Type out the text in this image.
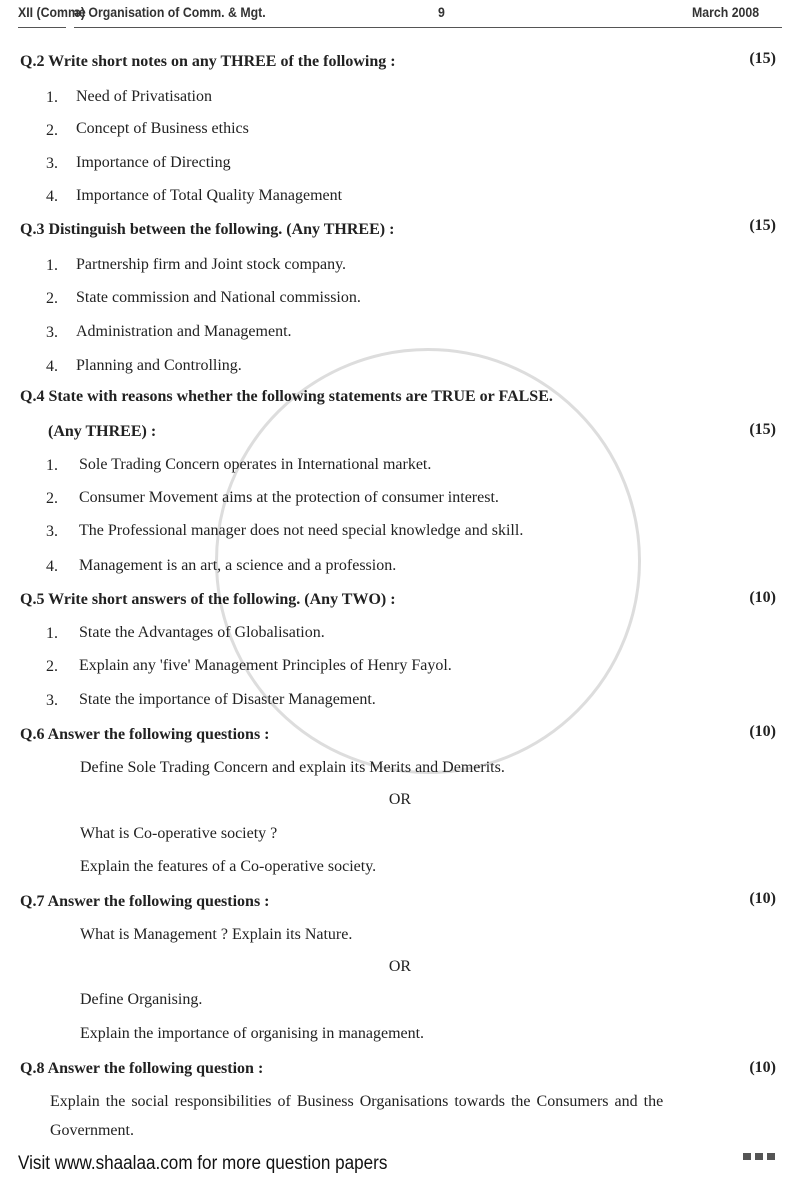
XII (Comme
ə) Organisation of Comm. & Mgt.	9	March 2008
Q.2 Write short notes on any THREE of the following :	(15)
1. Need of Privatisation
2. Concept of Business ethics
3. Importance of Directing
4. Importance of Total Quality Management
Q.3 Distinguish between the following. (Any THREE) :	(15)
1. Partnership firm and Joint stock company.
2. State commission and National commission.
3. Administration and Management.
4. Planning and Controlling.
Q.4 State with reasons whether the following statements are TRUE or FALSE.
(Any THREE) :	(15)
1. Sole Trading Concern operates in International market.
2. Consumer Movement aims at the protection of consumer interest.
3. The Professional manager does not need special knowledge and skill.
4. Management is an art, a science and a profession.
Q.5 Write short answers of the following. (Any TWO) :	(10)
1. State the Advantages of Globalisation.
2. Explain any 'five' Management Principles of Henry Fayol.
3. State the importance of Disaster Management.
Q.6 Answer the following questions :	(10)
Define Sole Trading Concern and explain its Merits and Demerits.
OR
What is Co-operative society ?
Explain the features of a Co-operative society.
Q.7 Answer the following questions :	(10)
What is Management ? Explain its Nature.
OR
Define Organising.
Explain the importance of organising in management.
Q.8 Answer the following question :	(10)
Explain the social responsibilities of Business Organisations towards the Consumers and the
Government.
Visit www.shaalaa.com for more question papers
